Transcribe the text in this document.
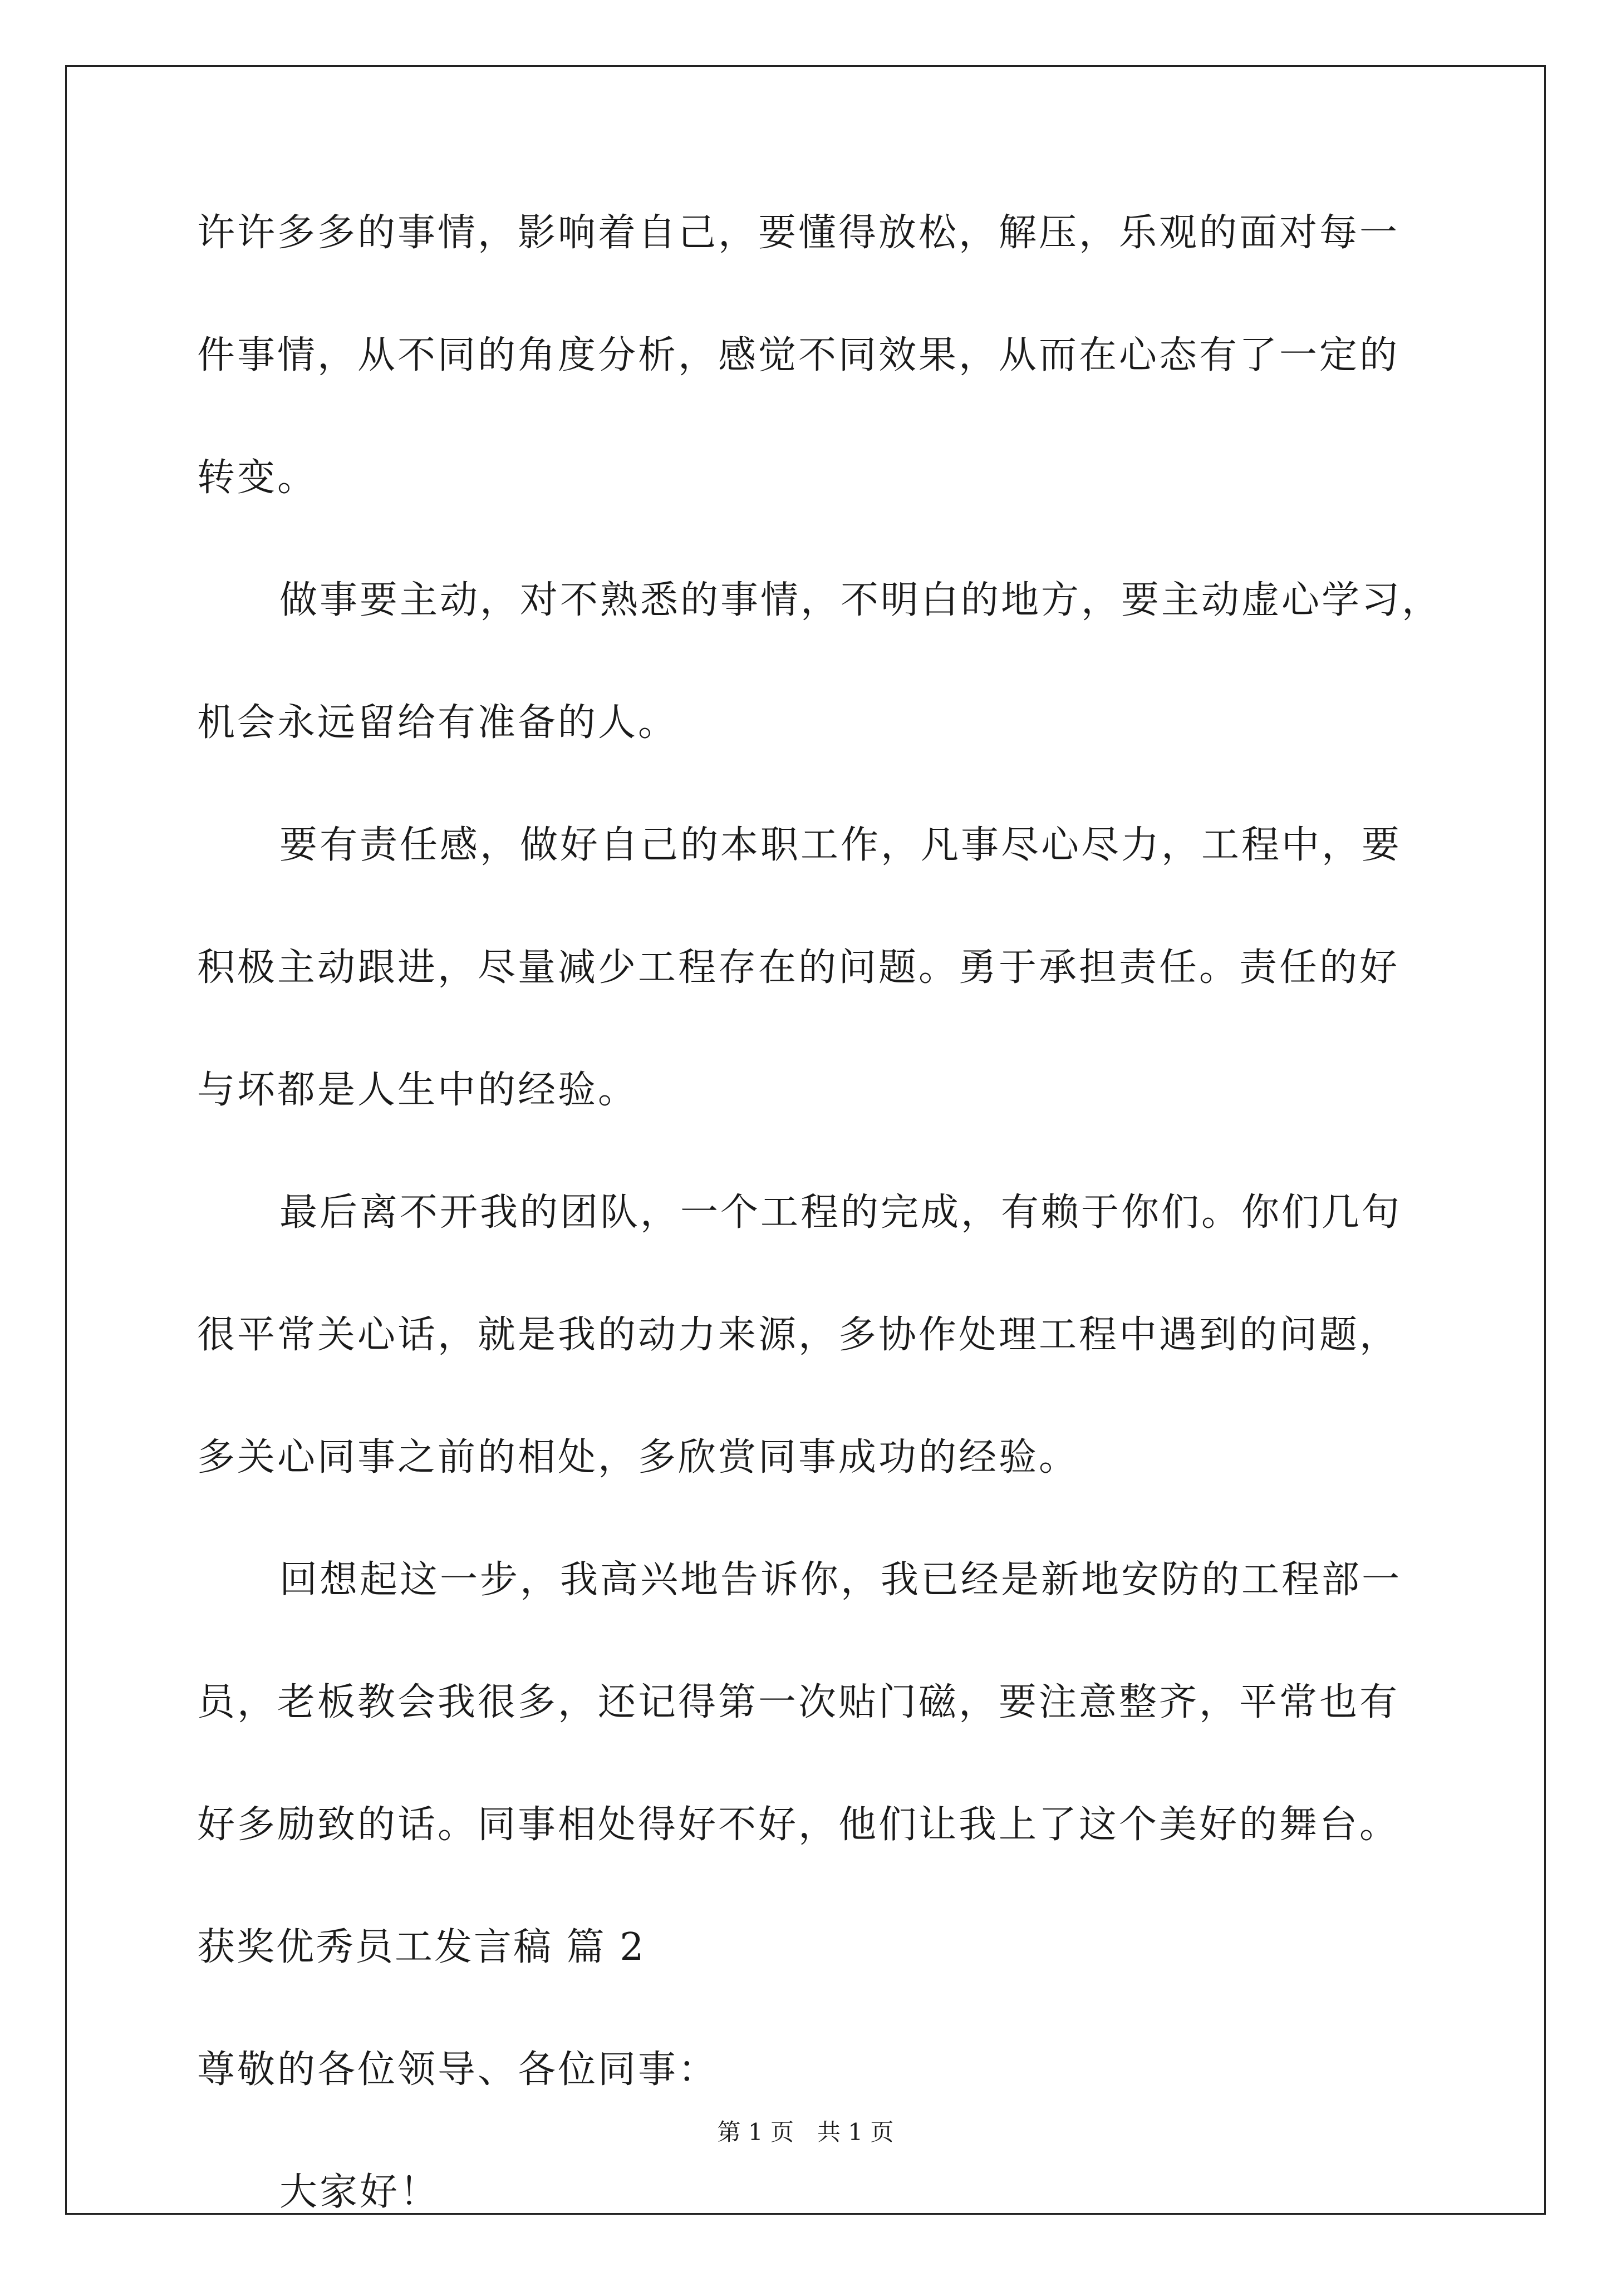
许许多多的事情，影响着自己，要懂得放松，解压，乐观的面对每一
件事情，从不同的角度分析，感觉不同效果，从而在心态有了一定的
转变。
做事要主动，对不熟悉的事情，不明白的地方，要主动虚心学习，
机会永远留给有准备的人。
要有责任感，做好自己的本职工作，凡事尽心尽力，工程中，要
积极主动跟进，尽量减少工程存在的问题。勇于承担责任。责任的好
与坏都是人生中的经验。
最后离不开我的团队，一个工程的完成，有赖于你们。你们几句
很平常关心话，就是我的动力来源，多协作处理工程中遇到的问题，
多关心同事之前的相处，多欣赏同事成功的经验。
回想起这一步，我高兴地告诉你，我已经是新地安防的工程部一
员，老板教会我很多，还记得第一次贴门磁，要注意整齐，平常也有
好多励致的话。同事相处得好不好，他们让我上了这个美好的舞台。
获奖优秀员工发言稿 篇 2
尊敬的各位领导、各位同事：
大家好！
第 1 页　共 1 页
